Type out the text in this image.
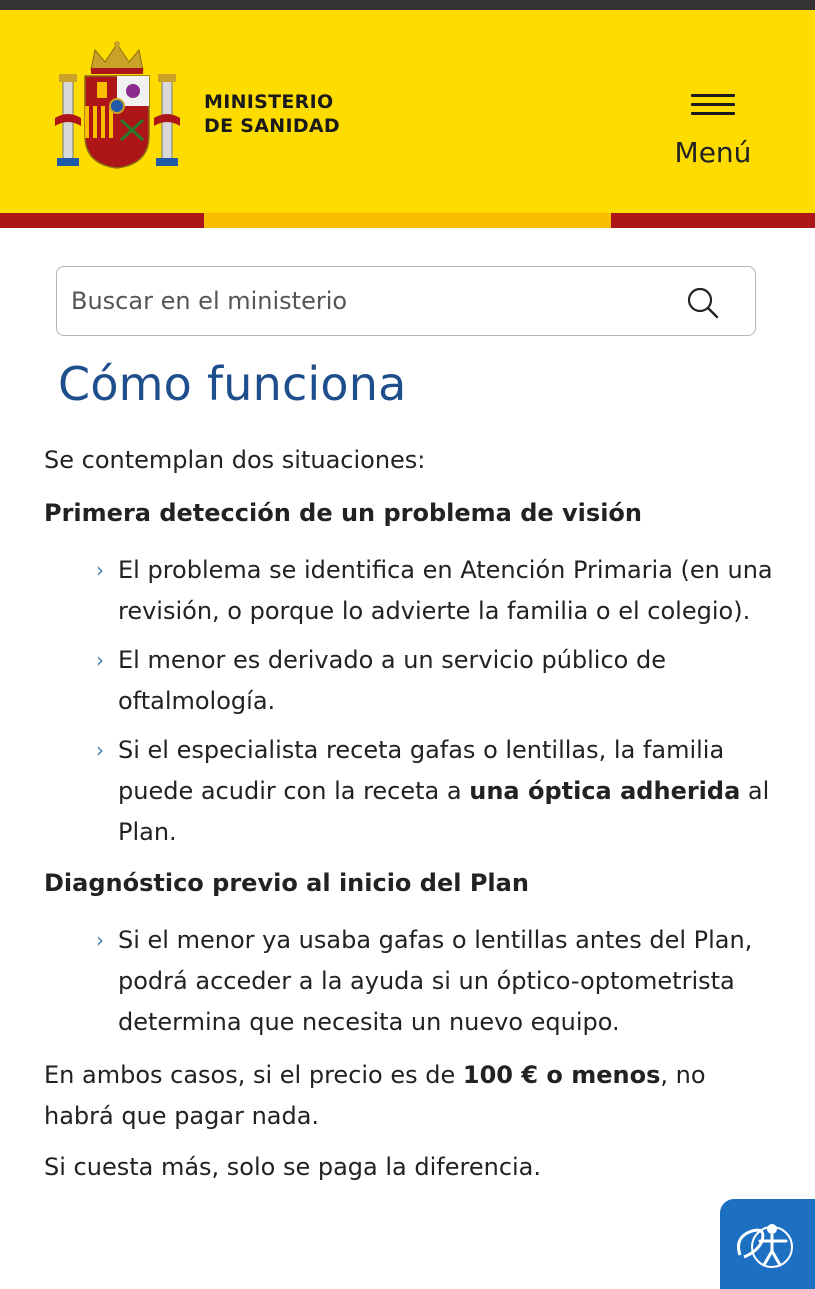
MINISTERIO
DE SANIDAD
Menú
Buscar en el ministerio
Cómo funciona

Se contemplan dos situaciones:

Primera detección de un problema de visión

› El problema se identifica en Atención Primaria (en una revisión, o porque lo advierte la familia o el colegio).
› El menor es derivado a un servicio público de oftalmología.
› Si el especialista receta gafas o lentillas, la familia puede acudir con la receta a una óptica adherida al Plan.

Diagnóstico previo al inicio del Plan

› Si el menor ya usaba gafas o lentillas antes del Plan, podrá acceder a la ayuda si un óptico-optometrista determina que necesita un nuevo equipo.

En ambos casos, si el precio es de 100 € o menos, no habrá que pagar nada.

Si cuesta más, solo se paga la diferencia.
